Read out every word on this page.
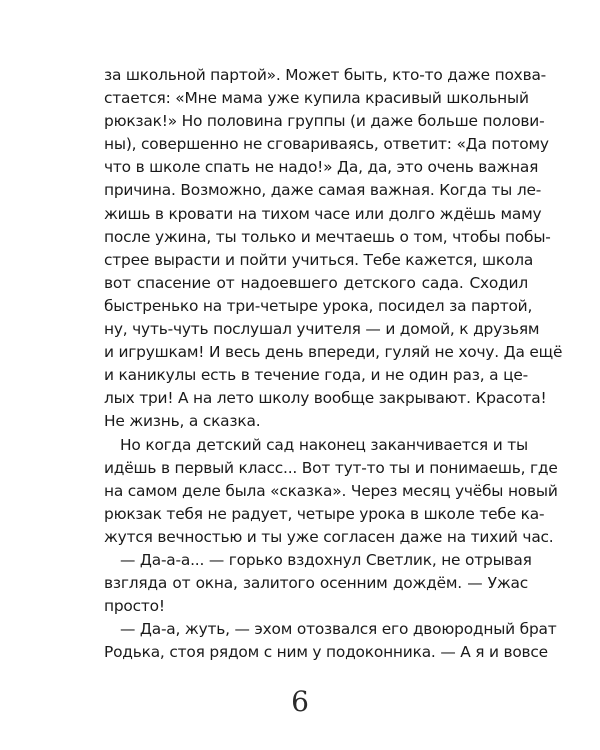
за школьной партой». Может быть, кто-то даже похва-
стается: «Мне мама уже купила красивый школьный
рюкзак!» Но половина группы (и даже больше полови-
ны), совершенно не сговариваясь, ответит: «Да потому
что в школе спать не надо!» Да, да, это очень важная
причина. Возможно, даже самая важная. Когда ты ле-
жишь в кровати на тихом часе или долго ждёшь маму
после ужина, ты только и мечтаешь о том, чтобы побы-
стрее вырасти и пойти учиться. Тебе кажется, школа
вот спасение от надоевшего детского сада. Сходил
быстренько на три-четыре урока, посидел за партой,
ну, чуть-чуть послушал учителя — и домой, к друзьям
и игрушкам! И весь день впереди, гуляй не хочу. Да ещё
и каникулы есть в течение года, и не один раз, а це-
лых три! А на лето школу вообще закрывают. Красота!
Не жизнь, а сказка.
Но когда детский сад наконец заканчивается и ты
идёшь в первый класс... Вот тут-то ты и понимаешь, где
на самом деле была «сказка». Через месяц учёбы новый
рюкзак тебя не радует, четыре урока в школе тебе ка-
жутся вечностью и ты уже согласен даже на тихий час.
— Да-а-а... — горько вздохнул Светлик, не отрывая
взгляда от окна, залитого осенним дождём. — Ужас
просто!
— Да-а, жуть, — эхом отозвался его двоюродный брат
Родька, стоя рядом с ним у подоконника. — А я и вовсе
6
